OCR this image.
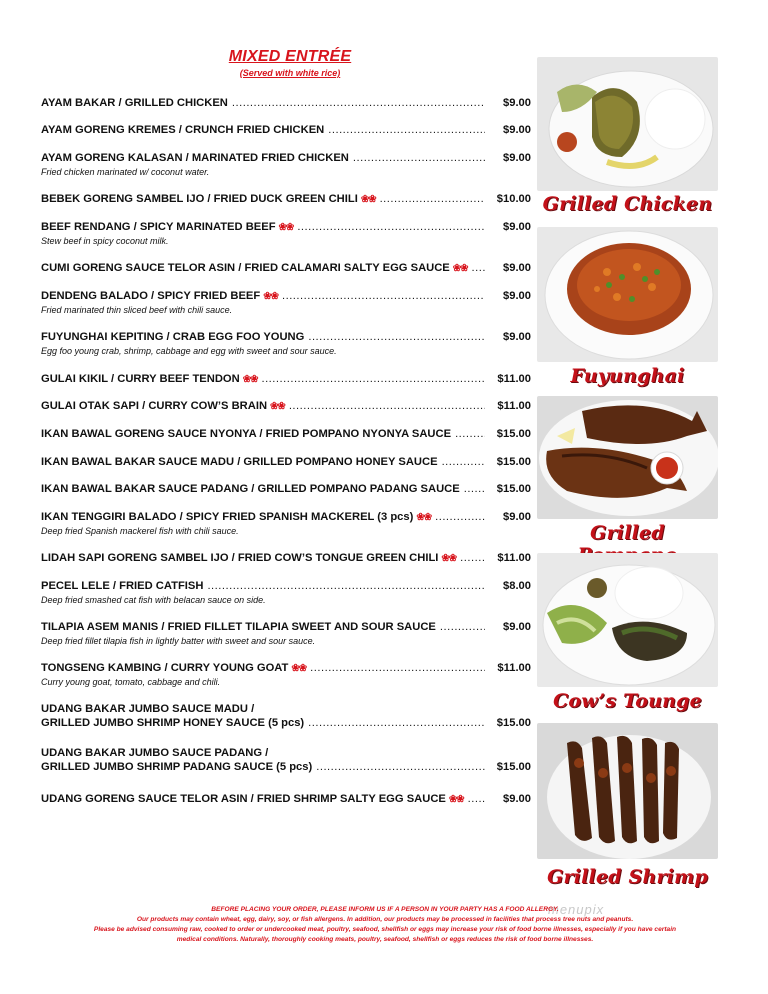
MIXED ENTRÉE
(Served with white rice)
AYAM BAKAR / GRILLED CHICKEN .....	$9.00
AYAM GORENG KREMES / CRUNCH FRIED CHICKEN .....	$9.00
AYAM GORENG KALASAN / MARINATED FRIED CHICKEN .....	$9.00
Fried chicken marinated w/ coconut water.
BEBEK GORENG SAMBEL IJO / FRIED DUCK GREEN CHILI ❀❀ .....	$10.00
BEEF RENDANG / SPICY MARINATED BEEF ❀❀ .....	$9.00
Stew beef in spicy coconut milk.
CUMI GORENG SAUCE TELOR ASIN / FRIED CALAMARI SALTY EGG SAUCE ❀❀ .....	$9.00
DENDENG BALADO / SPICY FRIED BEEF ❀❀ .....	$9.00
Fried marinated thin sliced beef with chili sauce.
FUYUNGHAI KEPITING / CRAB EGG FOO YOUNG .....	$9.00
Egg foo young crab, shrimp, cabbage and egg with sweet and sour sauce.
GULAI KIKIL / CURRY BEEF TENDON ❀❀ .....	$11.00
GULAI OTAK SAPI / CURRY COW’S BRAIN ❀❀ .....	$11.00
IKAN BAWAL GORENG SAUCE NYONYA / FRIED POMPANO NYONYA SAUCE .....	$15.00
IKAN BAWAL BAKAR SAUCE MADU / GRILLED POMPANO HONEY SAUCE .....	$15.00
IKAN BAWAL BAKAR SAUCE PADANG / GRILLED POMPANO PADANG SAUCE .....	$15.00
IKAN TENGGIRI BALADO / SPICY FRIED SPANISH MACKEREL (3 pcs) ❀❀ .....	$9.00
Deep fried Spanish mackerel fish with chili sauce.
LIDAH SAPI GORENG SAMBEL IJO / FRIED COW’S TONGUE GREEN CHILI ❀❀ .....	$11.00
PECEL LELE / FRIED CATFISH .....	$8.00
Deep fried smashed cat fish with belacan sauce on side.
TILAPIA ASEM MANIS / FRIED FILLET TILAPIA SWEET AND SOUR SAUCE .....	$9.00
Deep fried fillet tilapia fish in lightly batter with sweet and sour sauce.
TONGSENG KAMBING / CURRY YOUNG GOAT ❀❀ .....	$11.00
Curry young goat, tomato, cabbage and chili.
UDANG BAKAR JUMBO SAUCE MADU /
GRILLED JUMBO SHRIMP HONEY SAUCE (5 pcs) .....	$15.00
UDANG BAKAR JUMBO SAUCE PADANG /
GRILLED JUMBO SHRIMP PADANG SAUCE (5 pcs) .....	$15.00
UDANG GORENG SAUCE TELOR ASIN / FRIED SHRIMP SALTY EGG SAUCE ❀❀ .....	$9.00
Grilled Chicken
Fuyunghai
Grilled
Cow’s Tounge
Grilled Shrimp
menupix
BEFORE PLACING YOUR ORDER, PLEASE INFORM US IF A PERSON IN YOUR PARTY HAS A FOOD ALLERGY.
Our products may contain wheat, egg, dairy, soy, or fish allergens. In addition, our products may be processed in facilities that process tree nuts and peanuts.
Please be advised consuming raw, cooked to order or undercooked meat, poultry, seafood, shellfish or eggs may increase your risk of food borne illnesses, especially if you have certain
medical conditions. Naturally, thoroughly cooking meats, poultry, seafood, shellfish or eggs reduces the risk of food borne illnesses.
